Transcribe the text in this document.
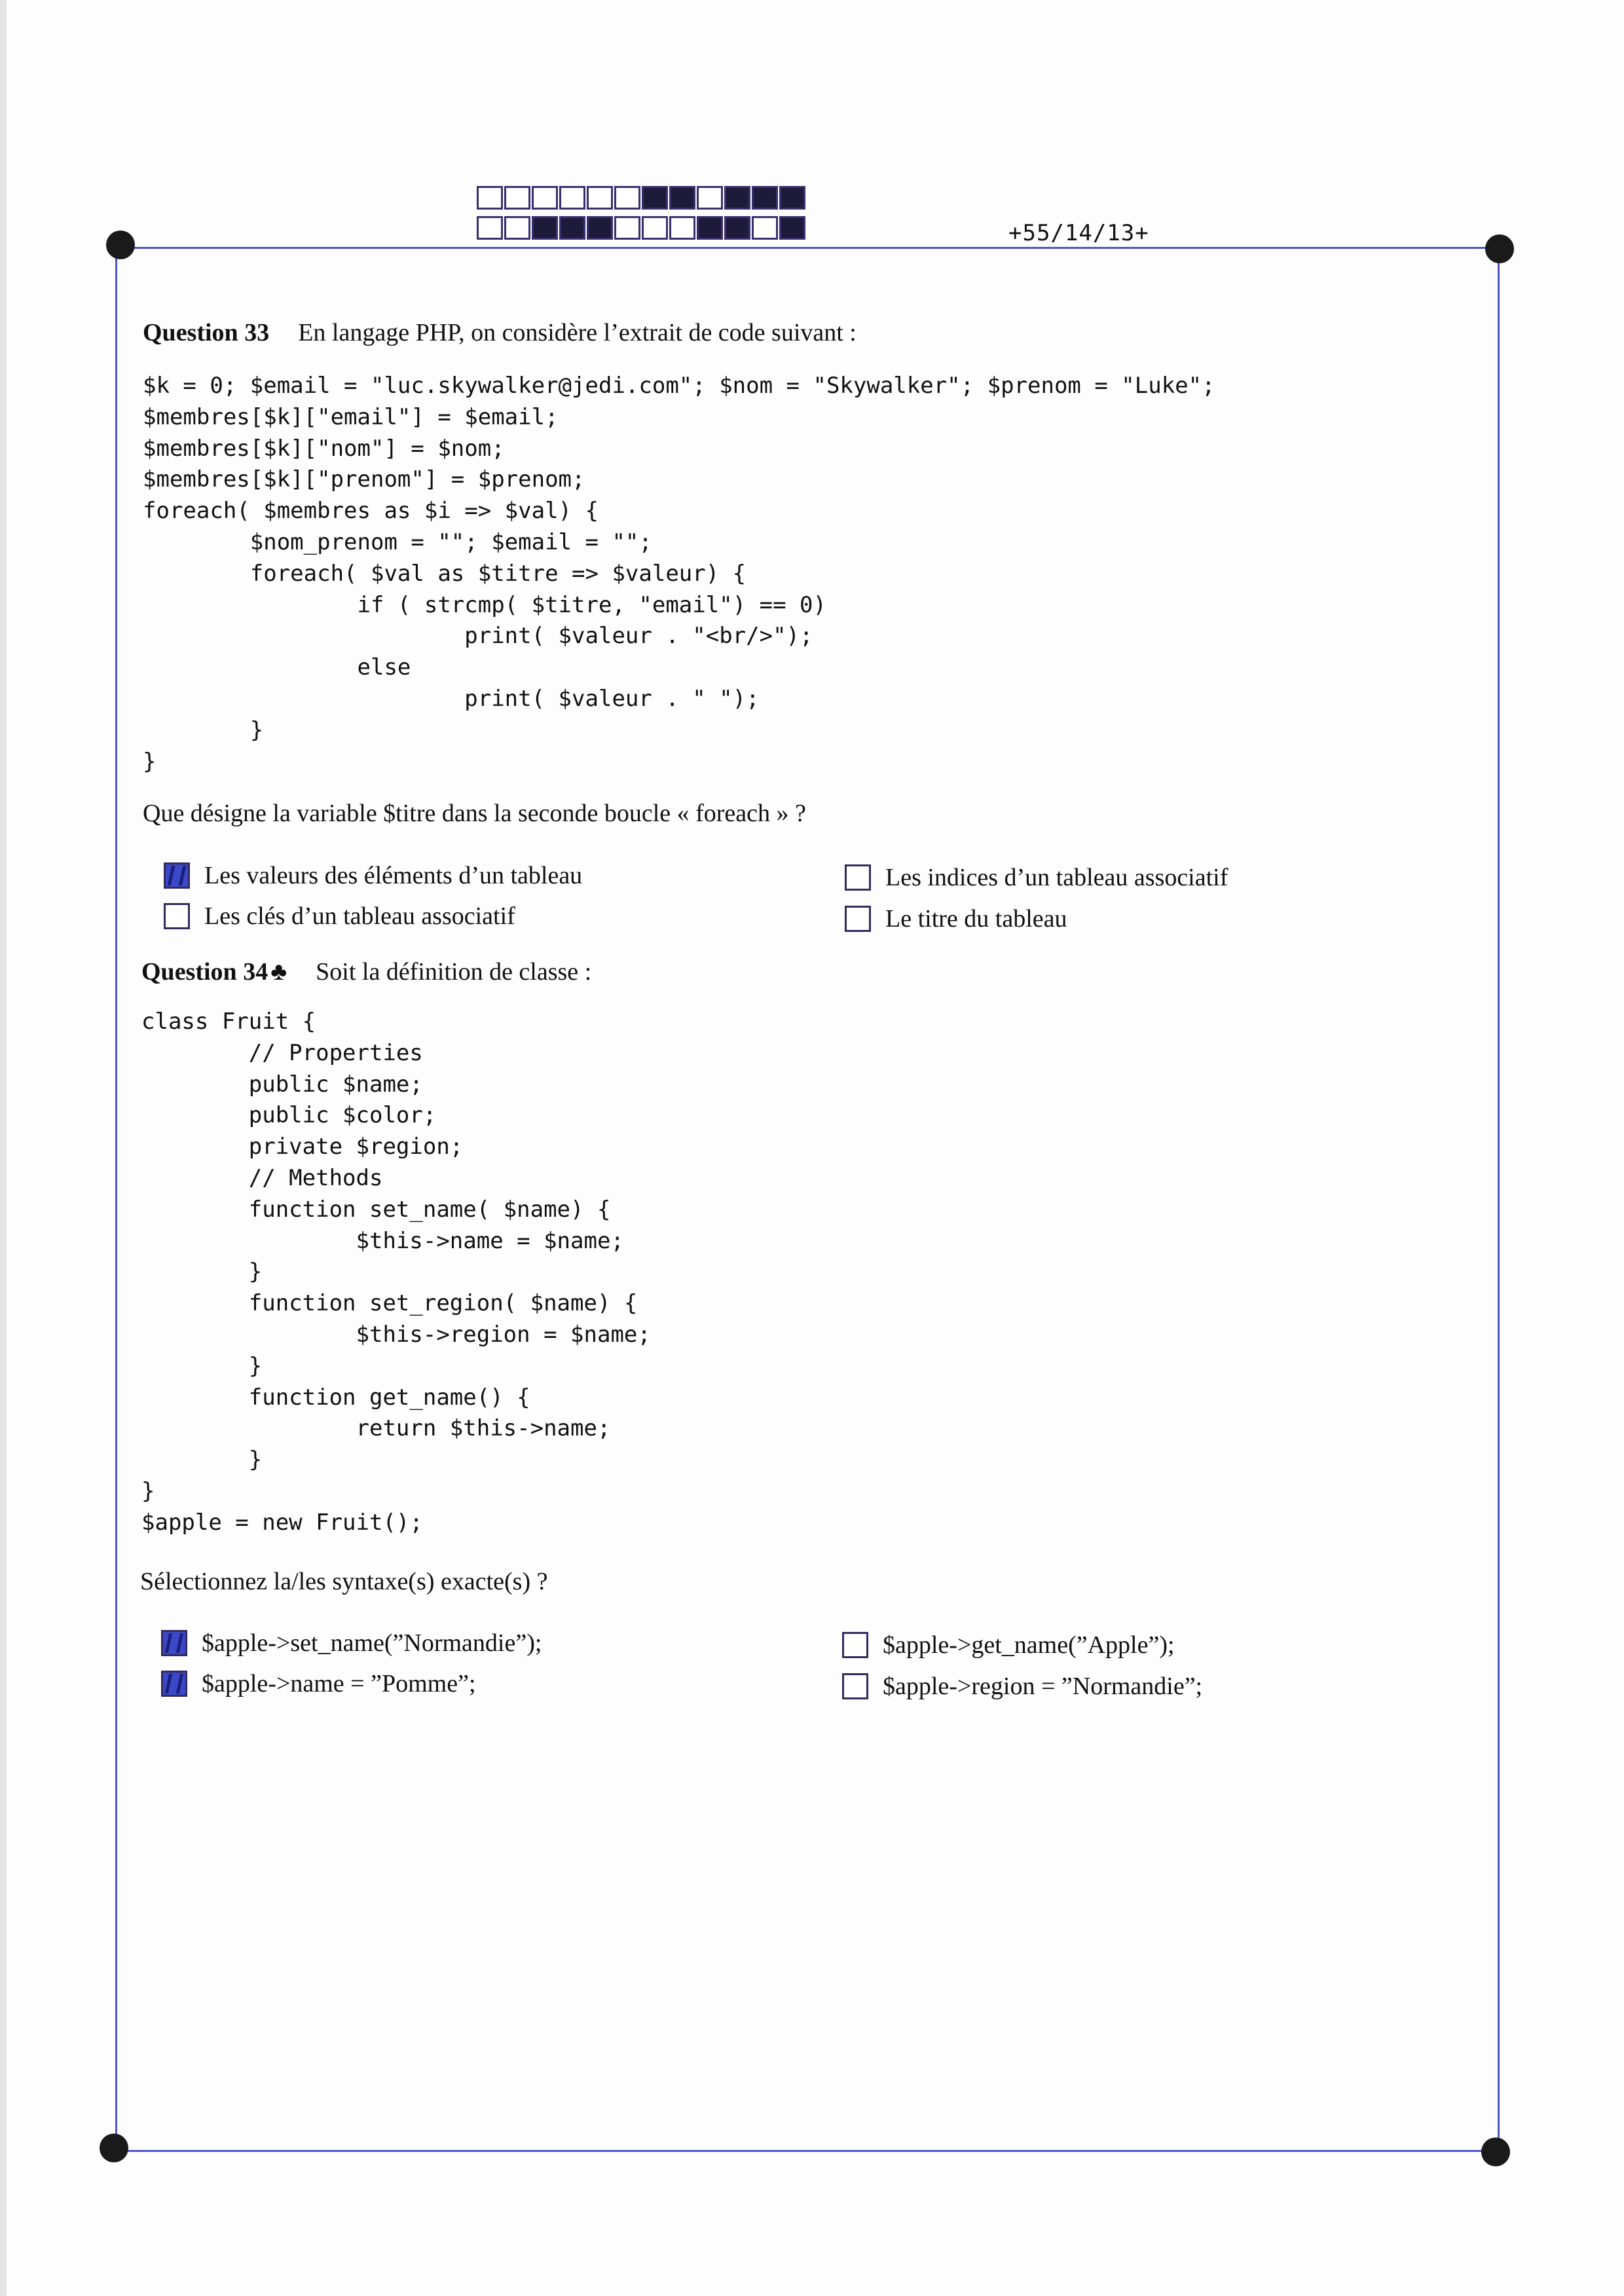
+55/14/13+
Question 33 En langage PHP, on considère l’extrait de code suivant :
$k = 0; $email = "luc.skywalker@jedi.com"; $nom = "Skywalker"; $prenom = "Luke";
$membres[$k]["email"] = $email;
$membres[$k]["nom"] = $nom;
$membres[$k]["prenom"] = $prenom;
foreach( $membres as $i => $val) {
$nom_prenom = ""; $email = "";
foreach( $val as $titre => $valeur) {
if ( strcmp( $titre, "email") == 0)
print( $valeur . "<br/>");
else
print( $valeur . " ");
}
}
Que désigne la variable $titre dans la seconde boucle « foreach » ?
Les valeurs des éléments d’un tableau	Les indices d’un tableau associatif
Les clés d’un tableau associatif	Le titre du tableau
Question 34 ♣ Soit la définition de classe :
class Fruit {
// Properties
public $name;
public $color;
private $region;
// Methods
function set_name( $name) {
$this->name = $name;
}
function set_region( $name) {
$this->region = $name;
}
function get_name() {
return $this->name;
}
}
$apple = new Fruit();
Sélectionnez la/les syntaxe(s) exacte(s) ?
$apple->set_name(”Normandie”);	$apple->get_name(”Apple”);
$apple->name = ”Pomme”;	$apple->region = ”Normandie”;
